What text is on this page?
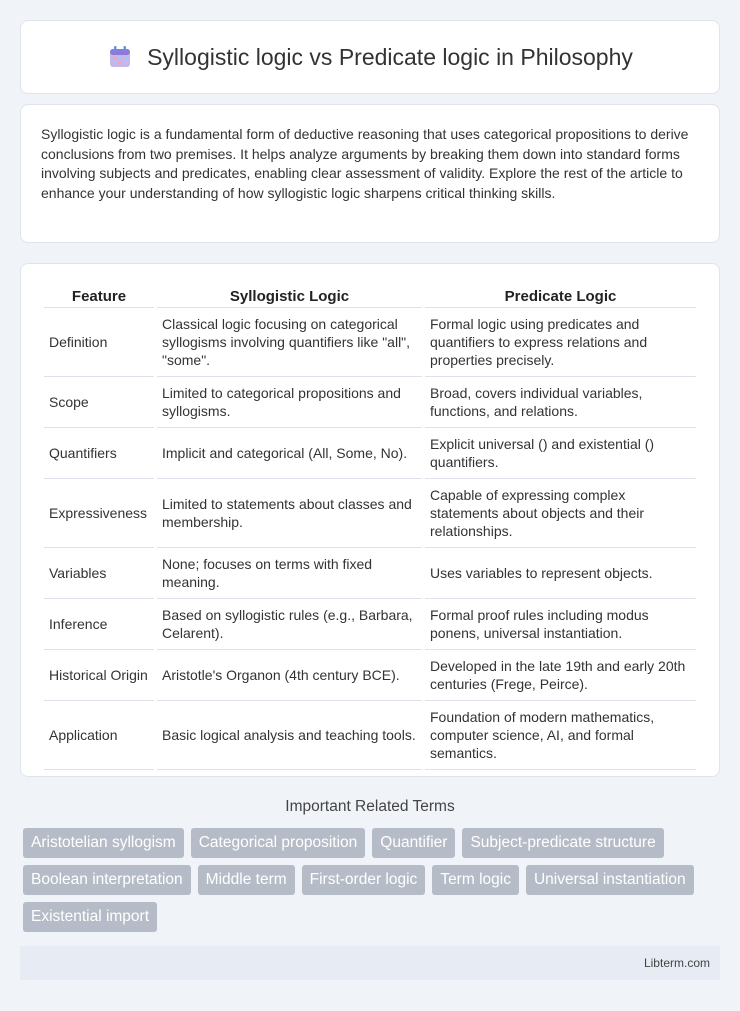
Syllogistic logic vs Predicate logic in Philosophy

Syllogistic logic is a fundamental form of deductive reasoning that uses categorical propositions to derive conclusions from two premises. It helps analyze arguments by breaking them down into standard forms involving subjects and predicates, enabling clear assessment of validity. Explore the rest of the article to enhance your understanding of how syllogistic logic sharpens critical thinking skills.

Feature	Syllogistic Logic	Predicate Logic
Definition	Classical logic focusing on categorical syllogisms involving quantifiers like "all", "some".	Formal logic using predicates and quantifiers to express relations and properties precisely.
Scope	Limited to categorical propositions and syllogisms.	Broad, covers individual variables, functions, and relations.
Quantifiers	Implicit and categorical (All, Some, No).	Explicit universal () and existential () quantifiers.
Expressiveness	Limited to statements about classes and membership.	Capable of expressing complex statements about objects and their relationships.
Variables	None; focuses on terms with fixed meaning.	Uses variables to represent objects.
Inference	Based on syllogistic rules (e.g., Barbara, Celarent).	Formal proof rules including modus ponens, universal instantiation.
Historical Origin	Aristotle's Organon (4th century BCE).	Developed in the late 19th and early 20th centuries (Frege, Peirce).
Application	Basic logical analysis and teaching tools.	Foundation of modern mathematics, computer science, AI, and formal semantics.
Important Related Terms
Aristotelian syllogism	Categorical proposition	Quantifier	Subject-predicate structure
Boolean interpretation	Middle term	First-order logic	Term logic	Universal instantiation
Existential import
Libterm.com
